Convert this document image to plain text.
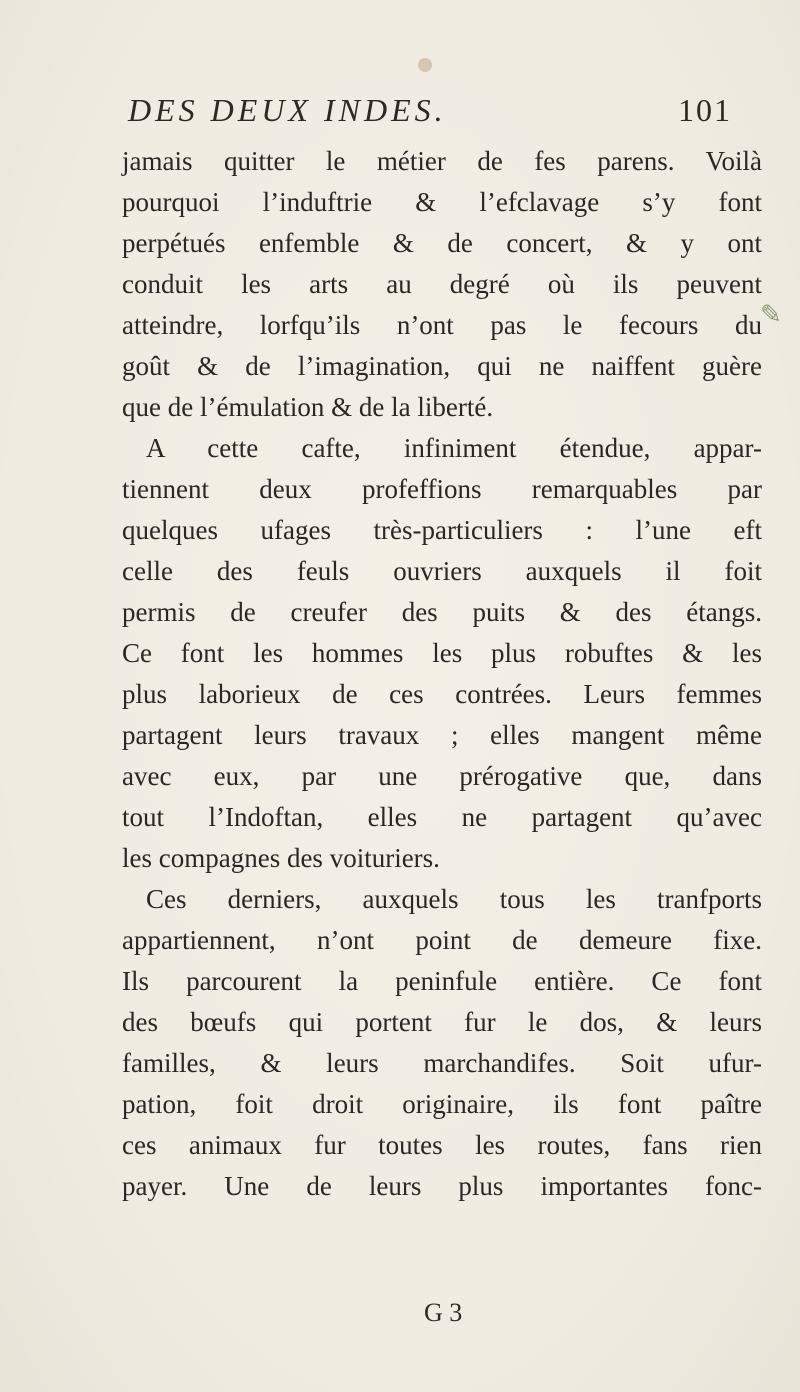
DES DEUX INDES.	101
✎
jamais quitter le métier de fes parens. Voilà
pourquoi l’induftrie & l’efclavage s’y font
perpétués enfemble & de concert, & y ont
conduit les arts au degré où ils peuvent
atteindre, lorfqu’ils n’ont pas le fecours du
goût & de l’imagination, qui ne naiffent guère
que de l’émulation & de la liberté.
A cette cafte, infiniment étendue, appar-
tiennent deux profeffions remarquables par
quelques ufages très-particuliers : l’une eft
celle des feuls ouvriers auxquels il foit
permis de creufer des puits & des étangs.
Ce font les hommes les plus robuftes & les
plus laborieux de ces contrées. Leurs femmes
partagent leurs travaux ; elles mangent même
avec eux, par une prérogative que, dans
tout l’Indoftan, elles ne partagent qu’avec
les compagnes des voituriers.
Ces derniers, auxquels tous les tranfports
appartiennent, n’ont point de demeure fixe.
Ils parcourent la peninfule entière. Ce font
des bœufs qui portent fur le dos, & leurs
familles, & leurs marchandifes. Soit ufur-
pation, foit droit originaire, ils font paître
ces animaux fur toutes les routes, fans rien
payer. Une de leurs plus importantes fonc-
G 3
